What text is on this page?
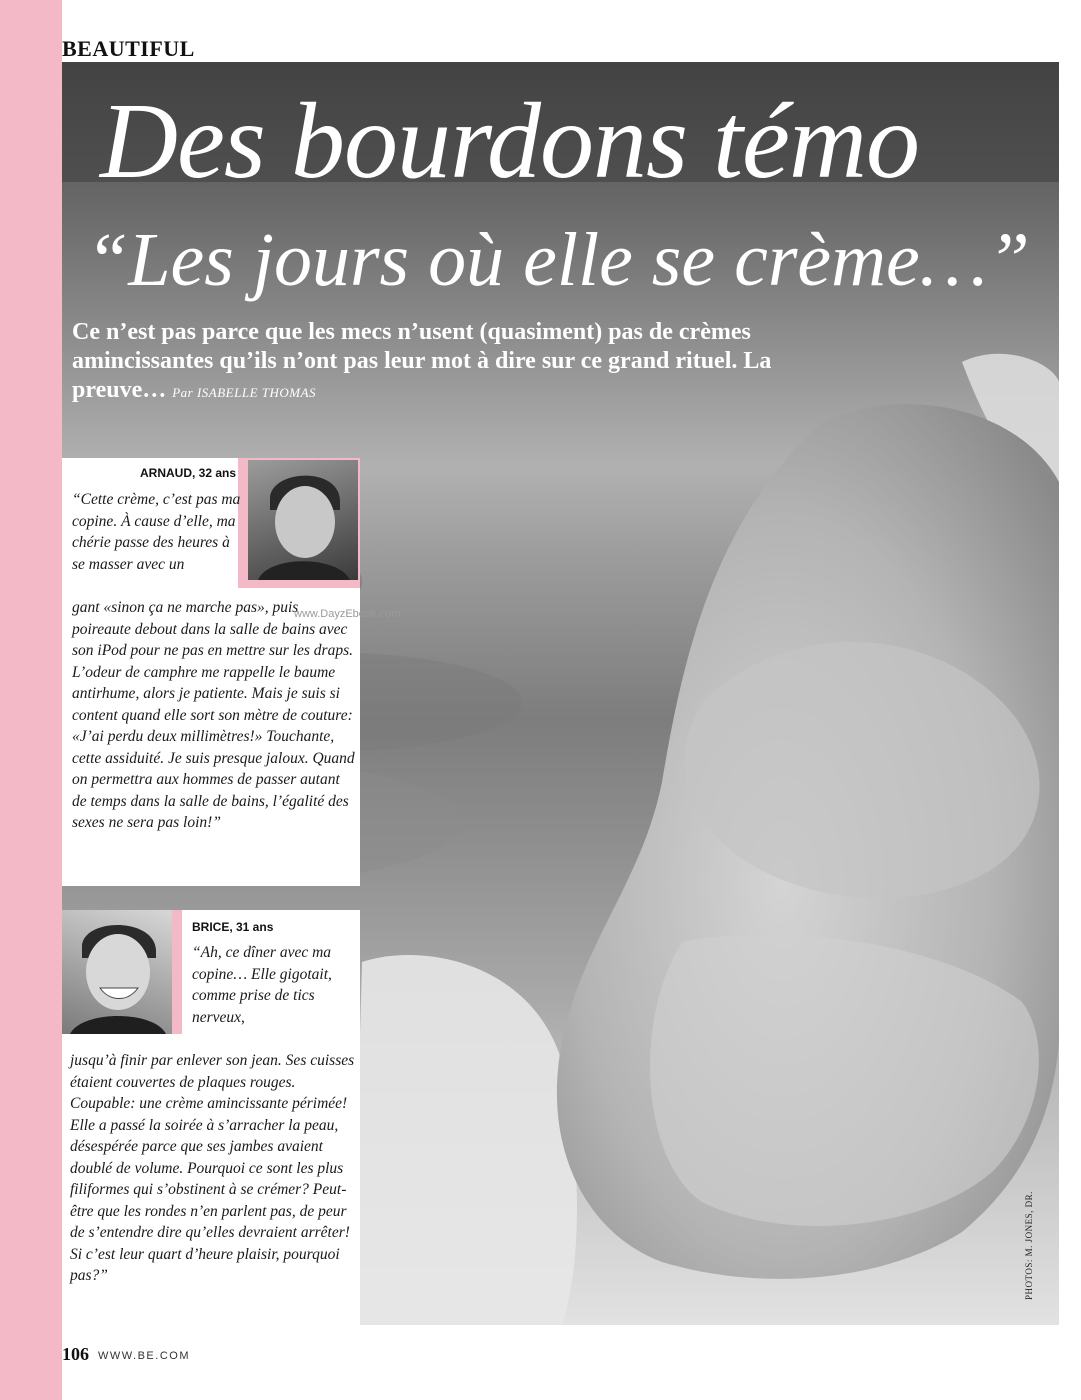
BEAUTIFUL
Des bourdons témo
“Les jours où elle se crème…”
Ce n’est pas parce que les mecs n’usent (quasiment) pas de crèmes amincissantes qu’ils n’ont pas leur mot à dire sur ce grand rituel. La preuve… Par ISABELLE THOMAS
ARNAUD, 32 ans
“Cette crème, c’est pas ma copine. À cause d’elle, ma chérie passe des heures à se masser avec un
gant «sinon ça ne marche pas», puis poireaute debout dans la salle de bains avec son iPod pour ne pas en mettre sur les draps. L’odeur de camphre me rappelle le baume antirhume, alors je patiente. Mais je suis si content quand elle sort son mètre de couture: «J’ai perdu deux millimètres!» Touchante, cette assiduité. Je suis presque jaloux. Quand on permettra aux hommes de passer autant de temps dans la salle de bains, l’égalité des sexes ne sera pas loin!”
www.DayzEbook.com
BRICE, 31 ans
“Ah, ce dîner avec ma copine… Elle gigotait, comme prise de tics nerveux,
jusqu’à finir par enlever son jean. Ses cuisses étaient couvertes de plaques rouges. Coupable: une crème amincissante périmée! Elle a passé la soirée à s’arracher la peau, désespérée parce que ses jambes avaient doublé de volume. Pourquoi ce sont les plus filiformes qui s’obstinent à se crémer? Peut-être que les rondes n’en parlent pas, de peur de s’entendre dire qu’elles devraient arrêter! Si c’est leur quart d’heure plaisir, pourquoi pas?”	PHOTOS: M. JONES, DR.
106 WWW.BE.COM
